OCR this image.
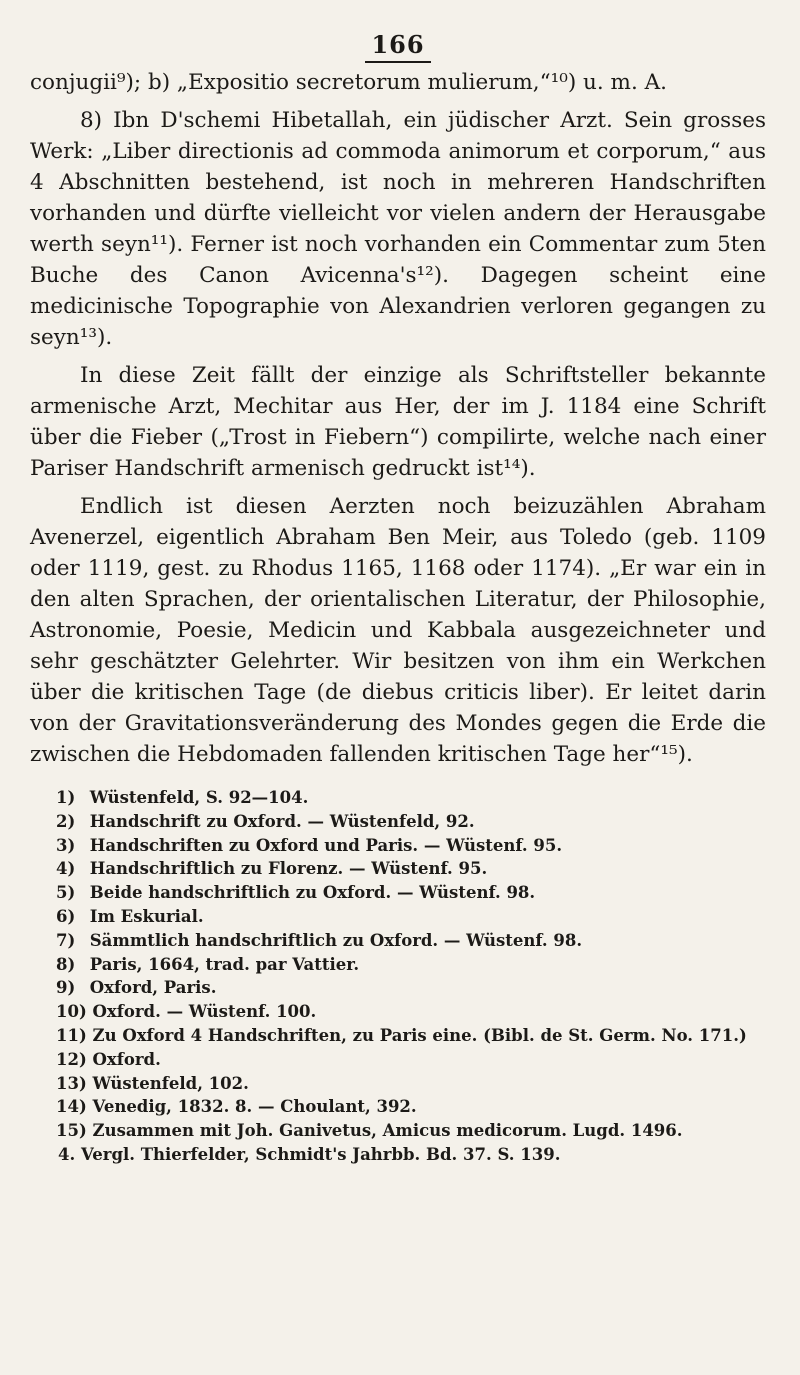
166

conjugii⁹); b) „Expositio secretorum mulierum,“¹⁰) u. m. A.

8) Ibn D'schemi Hibetallah, ein jüdischer Arzt. Sein grosses Werk: „Liber directionis ad commoda animorum et corporum,“ aus 4 Abschnitten bestehend, ist noch in mehreren Handschriften vorhanden und dürfte vielleicht vor vielen andern der Herausgabe werth seyn¹¹). Ferner ist noch vorhanden ein Commentar zum 5ten Buche des Canon Avicenna's¹²). Dagegen scheint eine medicinische Topographie von Alexandrien verloren gegangen zu seyn¹³).

In diese Zeit fällt der einzige als Schriftsteller bekannte armenische Arzt, Mechitar aus Her, der im J. 1184 eine Schrift über die Fieber („Trost in Fiebern“) compilirte, welche nach einer Pariser Handschrift armenisch gedruckt ist¹⁴).

Endlich ist diesen Aerzten noch beizuzählen Abraham Avenerzel, eigentlich Abraham Ben Meir, aus Toledo (geb. 1109 oder 1119, gest. zu Rhodus 1165, 1168 oder 1174). „Er war ein in den alten Sprachen, der orientalischen Literatur, der Philosophie, Astronomie, Poesie, Medicin und Kabbala ausgezeichneter und sehr geschätzter Gelehrter. Wir besitzen von ihm ein Werkchen über die kritischen Tage (de diebus criticis liber). Er leitet darin von der Gravitationsveränderung des Mondes gegen die Erde die zwischen die Hebdomaden fallenden kritischen Tage her“¹⁵).

1) Wüstenfeld, S. 92—104.
2) Handschrift zu Oxford. — Wüstenfeld, 92.
3) Handschriften zu Oxford und Paris. — Wüstenf. 95.
4) Handschriftlich zu Florenz. — Wüstenf. 95.
5) Beide handschriftlich zu Oxford. — Wüstenf. 98.
6) Im Eskurial.
7) Sämmtlich handschriftlich zu Oxford. — Wüstenf. 98.
8) Paris, 1664, trad. par Vattier.
9) Oxford, Paris.
10) Oxford. — Wüstenf. 100.
11) Zu Oxford 4 Handschriften, zu Paris eine. (Bibl. de St. Germ. No. 171.)
12) Oxford.
13) Wüstenfeld, 102.
14) Venedig, 1832. 8. — Choulant, 392.
15) Zusammen mit Joh. Ganivetus, Amicus medicorum. Lugd. 1496.
4. Vergl. Thierfelder, Schmidt's Jahrbb. Bd. 37. S. 139.
